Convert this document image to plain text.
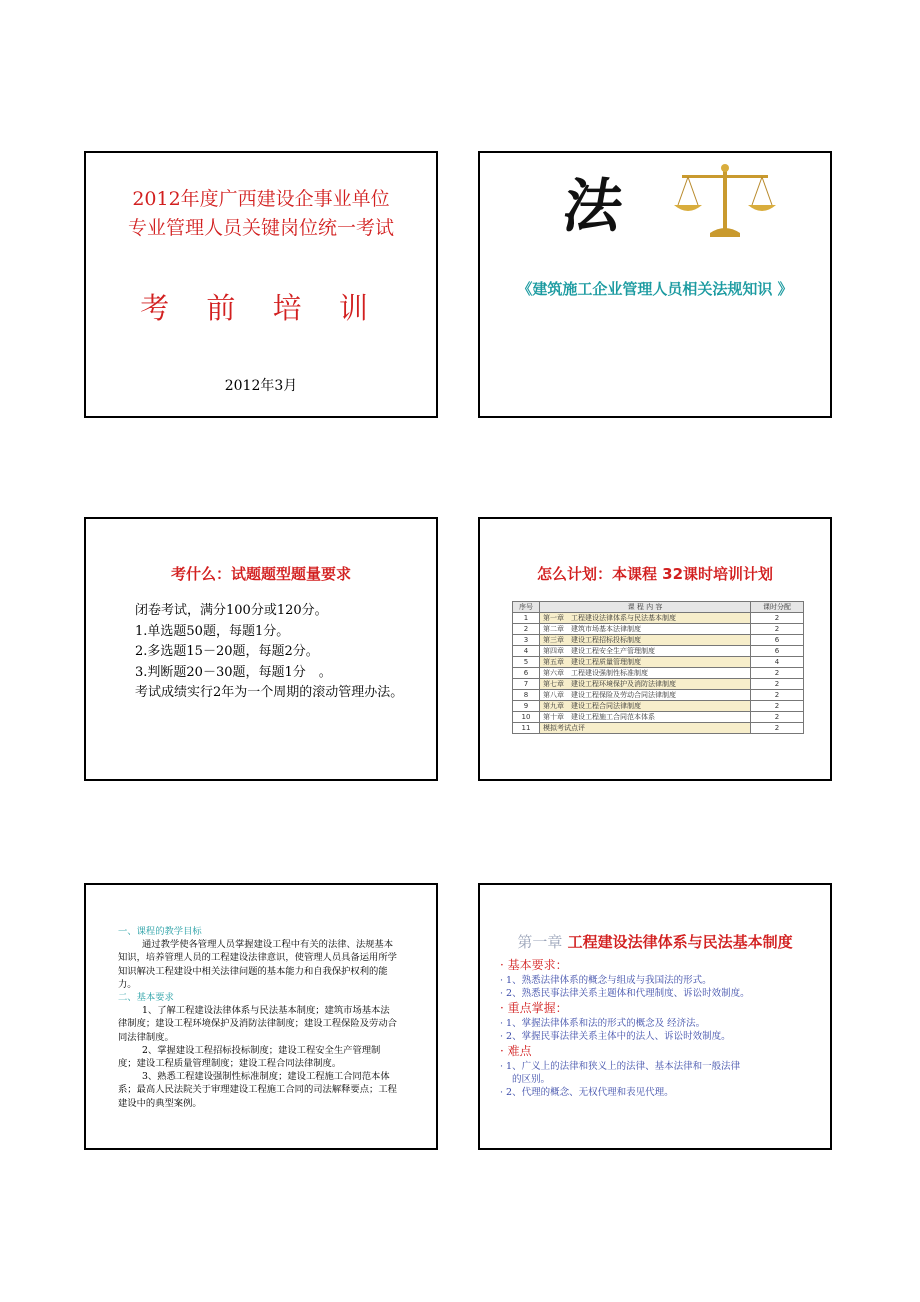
2012年度广西建设企事业单位
专业管理人员关键岗位统一考试
考 前 培 训
2012年3月
法
《建筑施工企业管理人员相关法规知识 》
考什么：试题题型题量要求
闭卷考试，满分100分或120分。
1.单选题50题，每题1分。
2.多选题15－20题，每题2分。
3.判断题20－30题，每题1分　。
考试成绩实行2年为一个周期的滚动管理办法。
怎么计划：本课程 32课时培训计划
序号	课 程 内 容	课时分配
1	第一章　工程建设法律体系与民法基本制度	2
2	第二章　建筑市场基本法律制度	2
3	第三章　建设工程招标投标制度	6
4	第四章　建设工程安全生产管理制度	6
5	第五章　建设工程质量管理制度	4
6	第六章　工程建设强制性标准制度	2
7	第七章　建设工程环境保护及消防法律制度	2
8	第八章　建设工程保险及劳动合同法律制度	2
9	第九章　建设工程合同法律制度	2
10	第十章　建设工程施工合同范本体系	2
11	模拟考试点评	2
一、课程的教学目标
通过教学使各管理人员掌握建设工程中有关的法律、法规基本知识，培养管理人员的工程建设法律意识，使管理人员具备运用所学知识解决工程建设中相关法律问题的基本能力和自我保护权利的能力。
二、基本要求
1、了解工程建设法律体系与民法基本制度；建筑市场基本法律制度；建设工程环境保护及消防法律制度；建设工程保险及劳动合同法律制度。
2、掌握建设工程招标投标制度；建设工程安全生产管理制度；建设工程质量管理制度；建设工程合同法律制度。
3、熟悉工程建设强制性标准制度；建设工程施工合同范本体系；最高人民法院关于审理建设工程施工合同的司法解释要点；工程建设中的典型案例。
第一章 工程建设法律体系与民法基本制度
· 基本要求：
· 1、熟悉法律体系的概念与组成与我国法的形式。
· 2、熟悉民事法律关系主题体和代理制度、诉讼时效制度。
· 重点掌握：
· 1、掌握法律体系和法的形式的概念及 经济法。
· 2、掌握民事法律关系主体中的法人、诉讼时效制度。
· 难点
· 1、广义上的法律和狭义上的法律、基本法律和一般法律
的区别。
· 2、代理的概念、无权代理和表见代理。
